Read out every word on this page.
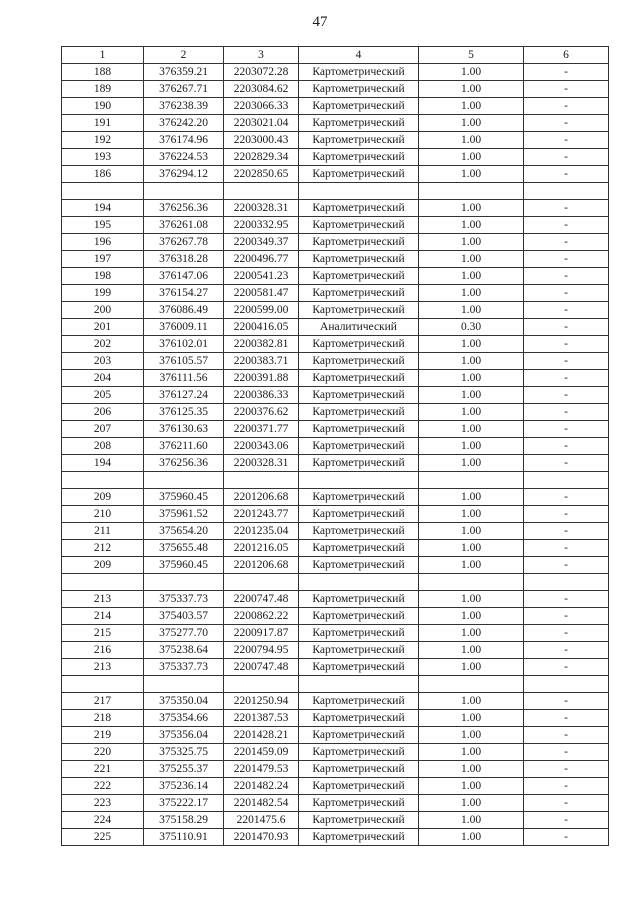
47
1	2	3	4	5	6
188	376359.21	2203072.28	Картометрический	1.00	-
189	376267.71	2203084.62	Картометрический	1.00	-
190	376238.39	2203066.33	Картометрический	1.00	-
191	376242.20	2203021.04	Картометрический	1.00	-
192	376174.96	2203000.43	Картометрический	1.00	-
193	376224.53	2202829.34	Картометрический	1.00	-
186	376294.12	2202850.65	Картометрический	1.00	-

194	376256.36	2200328.31	Картометрический	1.00	-
195	376261.08	2200332.95	Картометрический	1.00	-
196	376267.78	2200349.37	Картометрический	1.00	-
197	376318.28	2200496.77	Картометрический	1.00	-
198	376147.06	2200541.23	Картометрический	1.00	-
199	376154.27	2200581.47	Картометрический	1.00	-
200	376086.49	2200599.00	Картометрический	1.00	-
201	376009.11	2200416.05	Аналитический	0.30	-
202	376102.01	2200382.81	Картометрический	1.00	-
203	376105.57	2200383.71	Картометрический	1.00	-
204	376111.56	2200391.88	Картометрический	1.00	-
205	376127.24	2200386.33	Картометрический	1.00	-
206	376125.35	2200376.62	Картометрический	1.00	-
207	376130.63	2200371.77	Картометрический	1.00	-
208	376211.60	2200343.06	Картометрический	1.00	-
194	376256.36	2200328.31	Картометрический	1.00	-

209	375960.45	2201206.68	Картометрический	1.00	-
210	375961.52	2201243.77	Картометрический	1.00	-
211	375654.20	2201235.04	Картометрический	1.00	-
212	375655.48	2201216.05	Картометрический	1.00	-
209	375960.45	2201206.68	Картометрический	1.00	-

213	375337.73	2200747.48	Картометрический	1.00	-
214	375403.57	2200862.22	Картометрический	1.00	-
215	375277.70	2200917.87	Картометрический	1.00	-
216	375238.64	2200794.95	Картометрический	1.00	-
213	375337.73	2200747.48	Картометрический	1.00	-

217	375350.04	2201250.94	Картометрический	1.00	-
218	375354.66	2201387.53	Картометрический	1.00	-
219	375356.04	2201428.21	Картометрический	1.00	-
220	375325.75	2201459.09	Картометрический	1.00	-
221	375255.37	2201479.53	Картометрический	1.00	-
222	375236.14	2201482.24	Картометрический	1.00	-
223	375222.17	2201482.54	Картометрический	1.00	-
224	375158.29	2201475.6	Картометрический	1.00	-
225	375110.91	2201470.93	Картометрический	1.00	-
